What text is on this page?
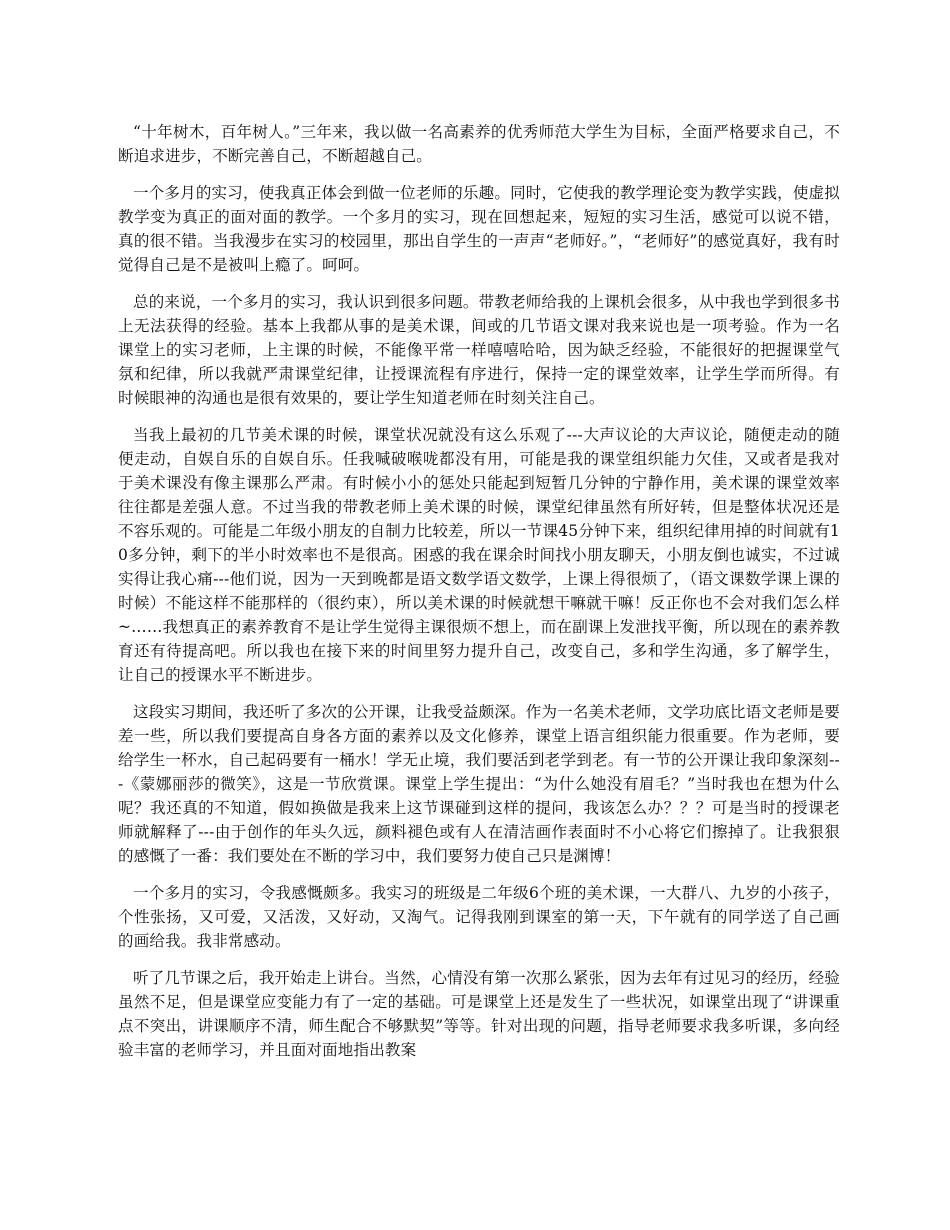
“十年树木，百年树人。”三年来，我以做一名高素养的优秀师范大学生为目标，全面严格要求自己，不断追求进步，不断完善自己，不断超越自己。

一个多月的实习，使我真正体会到做一位老师的乐趣。同时，它使我的教学理论变为教学实践，使虚拟教学变为真正的面对面的教学。一个多月的实习，现在回想起来，短短的实习生活，感觉可以说不错，真的很不错。当我漫步在实习的校园里，那出自学生的一声声“老师好。”，“老师好”的感觉真好，我有时觉得自己是不是被叫上瘾了。呵呵。

总的来说，一个多月的实习，我认识到很多问题。带教老师给我的上课机会很多，从中我也学到很多书上无法获得的经验。基本上我都从事的是美术课，间或的几节语文课对我来说也是一项考验。作为一名课堂上的实习老师，上主课的时候，不能像平常一样嘻嘻哈哈，因为缺乏经验，不能很好的把握课堂气氛和纪律，所以我就严肃课堂纪律，让授课流程有序进行，保持一定的课堂效率，让学生学而所得。有时候眼神的沟通也是很有效果的，要让学生知道老师在时刻关注自己。

当我上最初的几节美术课的时候，课堂状况就没有这么乐观了---大声议论的大声议论，随便走动的随便走动，自娱自乐的自娱自乐。任我喊破喉咙都没有用，可能是我的课堂组织能力欠佳，又或者是我对于美术课没有像主课那么严肃。有时候小小的惩处只能起到短暂几分钟的宁静作用，美术课的课堂效率往往都是差强人意。不过当我的带教老师上美术课的时候，课堂纪律虽然有所好转，但是整体状况还是不容乐观的。可能是二年级小朋友的自制力比较差，所以一节课45分钟下来，组织纪律用掉的时间就有10多分钟，剩下的半小时效率也不是很高。困惑的我在课余时间找小朋友聊天，小朋友倒也诚实，不过诚实得让我心痛---他们说，因为一天到晚都是语文数学语文数学，上课上得很烦了，（语文课数学课上课的时候）不能这样不能那样的（很约束），所以美术课的时候就想干嘛就干嘛！反正你也不会对我们怎么样~……我想真正的素养教育不是让学生觉得主课很烦不想上，而在副课上发泄找平衡，所以现在的素养教育还有待提高吧。所以我也在接下来的时间里努力提升自己，改变自己，多和学生沟通，多了解学生，让自己的授课水平不断进步。

这段实习期间，我还听了多次的公开课，让我受益颇深。作为一名美术老师，文学功底比语文老师是要差一些，所以我们要提高自身各方面的素养以及文化修养，课堂上语言组织能力很重要。作为老师，要给学生一杯水，自己起码要有一桶水！学无止境，我们要活到老学到老。有一节的公开课让我印象深刻---《蒙娜丽莎的微笑》，这是一节欣赏课。课堂上学生提出：“为什么她没有眉毛？”当时我也在想为什么呢？我还真的不知道，假如换做是我来上这节课碰到这样的提问，我该怎么办？？？可是当时的授课老师就解释了---由于创作的年头久远，颜料褪色或有人在清洁画作表面时不小心将它们擦掉了。让我狠狠的感慨了一番：我们要处在不断的学习中，我们要努力使自己只是渊博！

一个多月的实习，令我感慨颇多。我实习的班级是二年级6个班的美术课，一大群八、九岁的小孩子，个性张扬，又可爱，又活泼，又好动，又淘气。记得我刚到课室的第一天，下午就有的同学送了自己画的画给我。我非常感动。

听了几节课之后，我开始走上讲台。当然，心情没有第一次那么紧张，因为去年有过见习的经历，经验虽然不足，但是课堂应变能力有了一定的基础。可是课堂上还是发生了一些状况，如课堂出现了“讲课重点不突出，讲课顺序不清，师生配合不够默契”等等。针对出现的问题，指导老师要求我多听课，多向经验丰富的老师学习，并且面对面地指出教案
